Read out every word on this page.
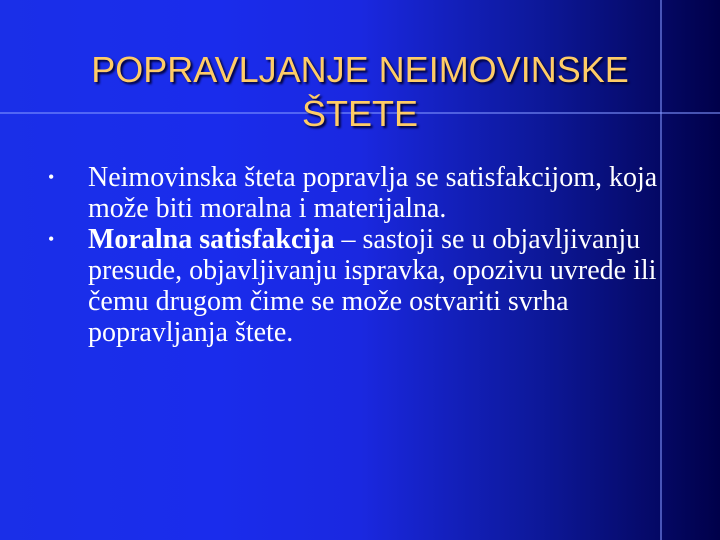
POPRAVLJANJE NEIMOVINSKE
ŠTETE

•
Neimovinska šteta popravlja se satisfakcijom, koja može biti moralna i materijalna.

•
Moralna satisfakcija – sastoji se u objavljivanju presude, objavljivanju ispravka, opozivu uvrede ili čemu drugom čime se može ostvariti svrha popravljanja štete.
